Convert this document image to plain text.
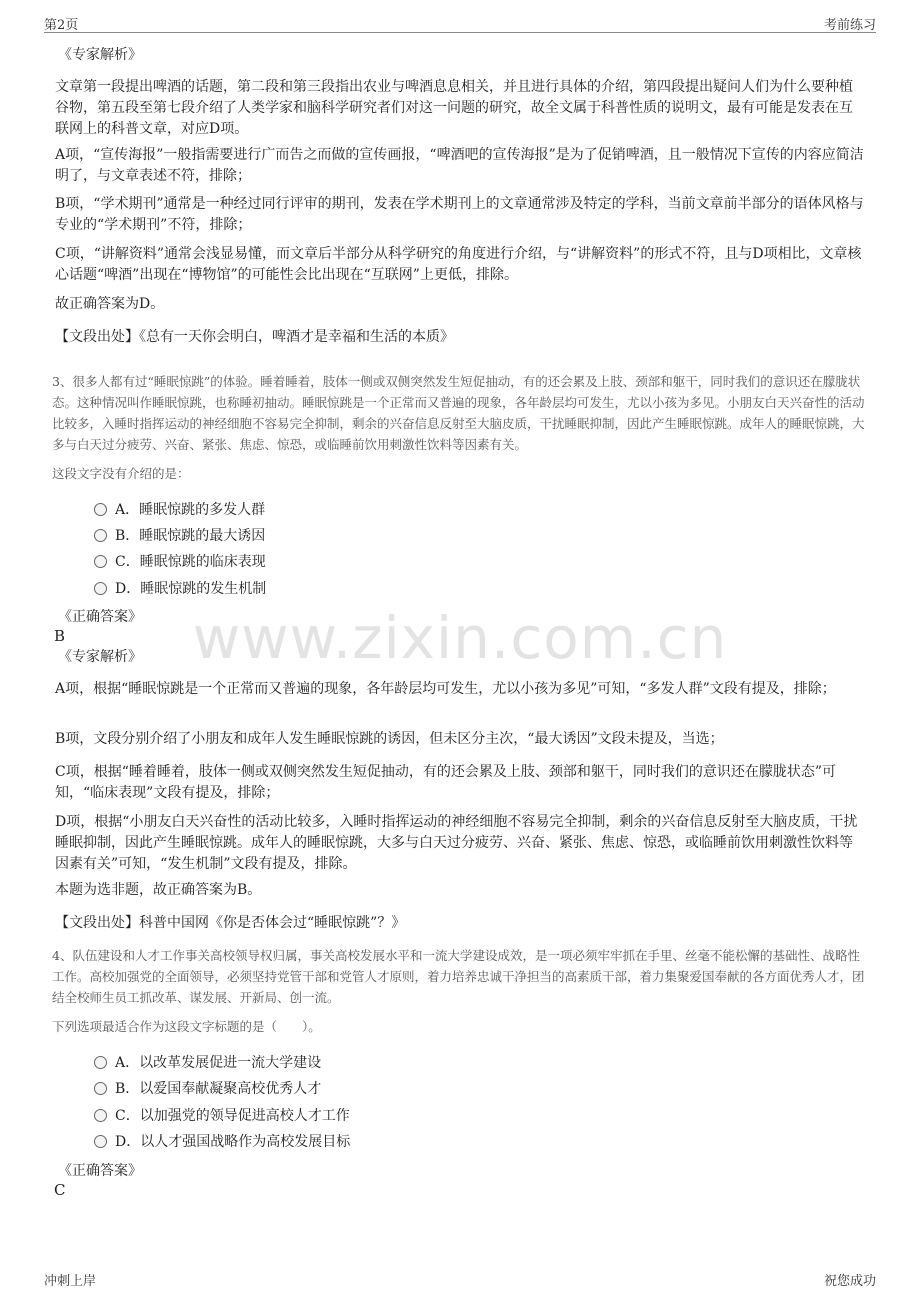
第2页	考前练习
www.zixin.com.cn
《专家解析》
文章第一段提出啤酒的话题，第二段和第三段指出农业与啤酒息息相关，并且进行具体的介绍，第四段提出疑问人们为什么要种植谷物，第五段至第七段介绍了人类学家和脑科学研究者们对这一问题的研究，故全文属于科普性质的说明文，最有可能是发表在互联网上的科普文章，对应D项。
A项，“宣传海报”一般指需要进行广而告之而做的宣传画报，“啤酒吧的宣传海报”是为了促销啤酒，且一般情况下宣传的内容应简洁明了，与文章表述不符，排除；
B项，“学术期刊”通常是一种经过同行评审的期刊，发表在学术期刊上的文章通常涉及特定的学科，当前文章前半部分的语体风格与专业的“学术期刊”不符，排除；
C项，“讲解资料”通常会浅显易懂，而文章后半部分从科学研究的角度进行介绍，与“讲解资料”的形式不符，且与D项相比，文章核心话题“啤酒”出现在“博物馆”的可能性会比出现在“互联网”上更低，排除。
故正确答案为D。
【文段出处】《总有一天你会明白，啤酒才是幸福和生活的本质》
3、很多人都有过“睡眠惊跳”的体验。睡着睡着，肢体一侧或双侧突然发生短促抽动，有的还会累及上肢、颈部和躯干，同时我们的意识还在朦胧状态。这种情况叫作睡眠惊跳，也称睡初抽动。睡眠惊跳是一个正常而又普遍的现象，各年龄层均可发生，尤以小孩为多见。小朋友白天兴奋性的活动比较多，入睡时指挥运动的神经细胞不容易完全抑制，剩余的兴奋信息反射至大脑皮质，干扰睡眠抑制，因此产生睡眠惊跳。成年人的睡眠惊跳，大多与白天过分疲劳、兴奋、紧张、焦虑、惊恐，或临睡前饮用刺激性饮料等因素有关。
这段文字没有介绍的是：
A．睡眠惊跳的多发人群
B．睡眠惊跳的最大诱因
C．睡眠惊跳的临床表现
D．睡眠惊跳的发生机制
《正确答案》
B
《专家解析》
A项，根据“睡眠惊跳是一个正常而又普遍的现象，各年龄层均可发生，尤以小孩为多见”可知，“多发人群”文段有提及，排除；
B项，文段分别介绍了小朋友和成年人发生睡眠惊跳的诱因，但未区分主次，“最大诱因”文段未提及，当选；
C项，根据“睡着睡着，肢体一侧或双侧突然发生短促抽动，有的还会累及上肢、颈部和躯干，同时我们的意识还在朦胧状态”可知，“临床表现”文段有提及，排除；
D项，根据“小朋友白天兴奋性的活动比较多，入睡时指挥运动的神经细胞不容易完全抑制，剩余的兴奋信息反射至大脑皮质，干扰睡眠抑制，因此产生睡眠惊跳。成年人的睡眠惊跳，大多与白天过分疲劳、兴奋、紧张、焦虑、惊恐，或临睡前饮用刺激性饮料等因素有关”可知，“发生机制”文段有提及，排除。
本题为选非题，故正确答案为B。
【文段出处】科普中国网《你是否体会过“睡眠惊跳”？》
4、队伍建设和人才工作事关高校领导权归属，事关高校发展水平和一流大学建设成效，是一项必须牢牢抓在手里、丝毫不能松懈的基础性、战略性工作。高校加强党的全面领导，必须坚持党管干部和党管人才原则，着力培养忠诚干净担当的高素质干部，着力集聚爱国奉献的各方面优秀人才，团结全校师生员工抓改革、谋发展、开新局、创一流。
下列选项最适合作为这段文字标题的是（　　）。
A．以改革发展促进一流大学建设
B．以爱国奉献凝聚高校优秀人才
C．以加强党的领导促进高校人才工作
D．以人才强国战略作为高校发展目标
《正确答案》
C
冲刺上岸	祝您成功
